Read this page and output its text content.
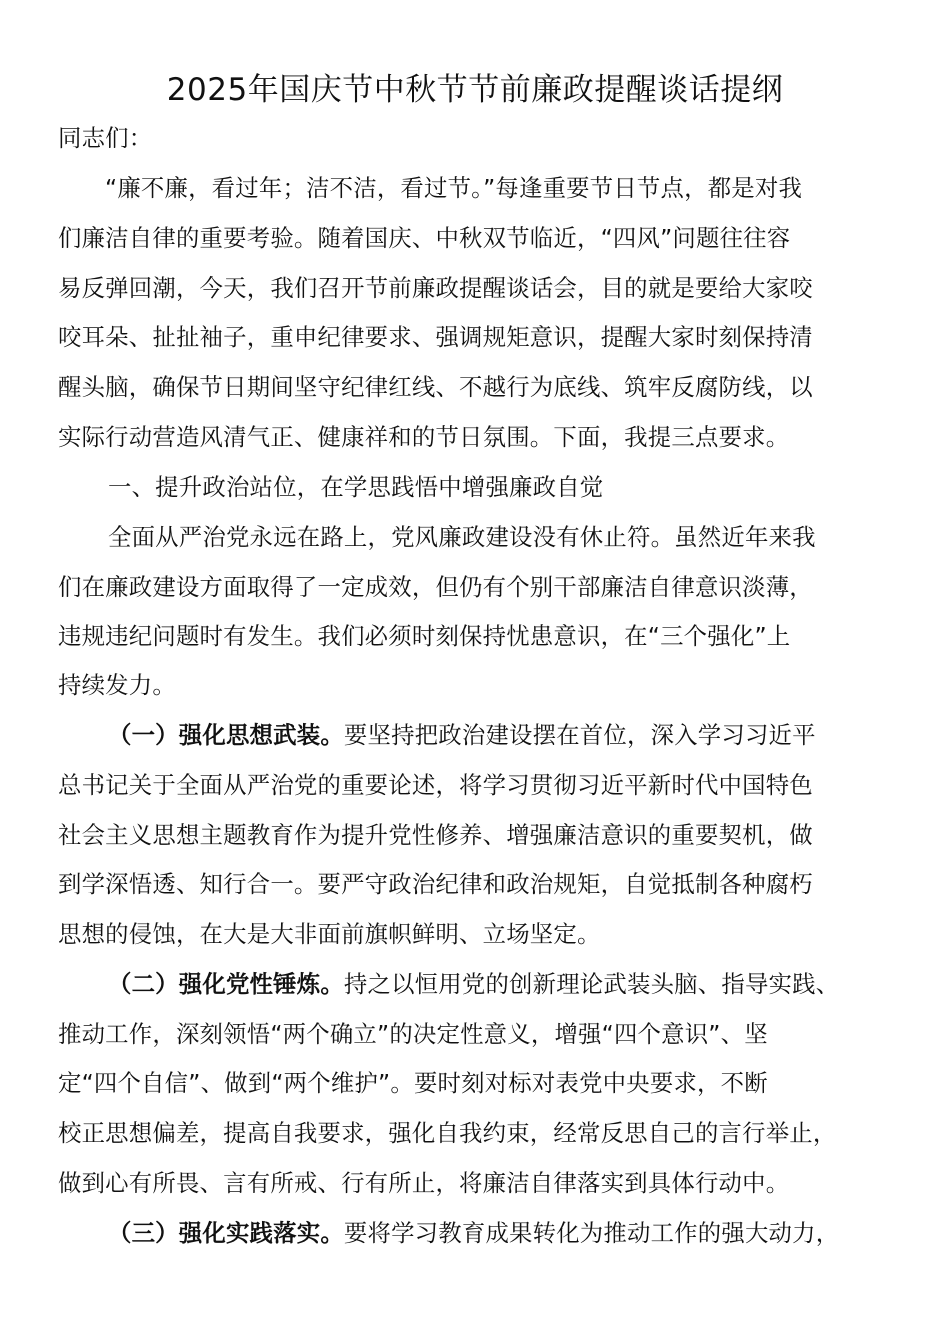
2025年国庆节中秋节节前廉政提醒谈话提纲
同志们：
“廉不廉，看过年；洁不洁，看过节。”每逢重要节日节点，都是对我
们廉洁自律的重要考验。随着国庆、中秋双节临近，“四风”问题往往容
易反弹回潮，今天，我们召开节前廉政提醒谈话会，目的就是要给大家咬
咬耳朵、扯扯袖子，重申纪律要求、强调规矩意识，提醒大家时刻保持清
醒头脑，确保节日期间坚守纪律红线、不越行为底线、筑牢反腐防线，以
实际行动营造风清气正、健康祥和的节日氛围。下面，我提三点要求。
一、提升政治站位，在学思践悟中增强廉政自觉
全面从严治党永远在路上，党风廉政建设没有休止符。虽然近年来我
们在廉政建设方面取得了一定成效，但仍有个别干部廉洁自律意识淡薄，
违规违纪问题时有发生。我们必须时刻保持忧患意识，在“三个强化”上
持续发力。
（一）强化思想武装。要坚持把政治建设摆在首位，深入学习习近平
总书记关于全面从严治党的重要论述，将学习贯彻习近平新时代中国特色
社会主义思想主题教育作为提升党性修养、增强廉洁意识的重要契机，做
到学深悟透、知行合一。要严守政治纪律和政治规矩，自觉抵制各种腐朽
思想的侵蚀，在大是大非面前旗帜鲜明、立场坚定。
（二）强化党性锤炼。持之以恒用党的创新理论武装头脑、指导实践、
推动工作，深刻领悟“两个确立”的决定性意义，增强“四个意识”、坚
定“四个自信”、做到“两个维护”。要时刻对标对表党中央要求，不断
校正思想偏差，提高自我要求，强化自我约束，经常反思自己的言行举止，
做到心有所畏、言有所戒、行有所止，将廉洁自律落实到具体行动中。
（三）强化实践落实。要将学习教育成果转化为推动工作的强大动力，
